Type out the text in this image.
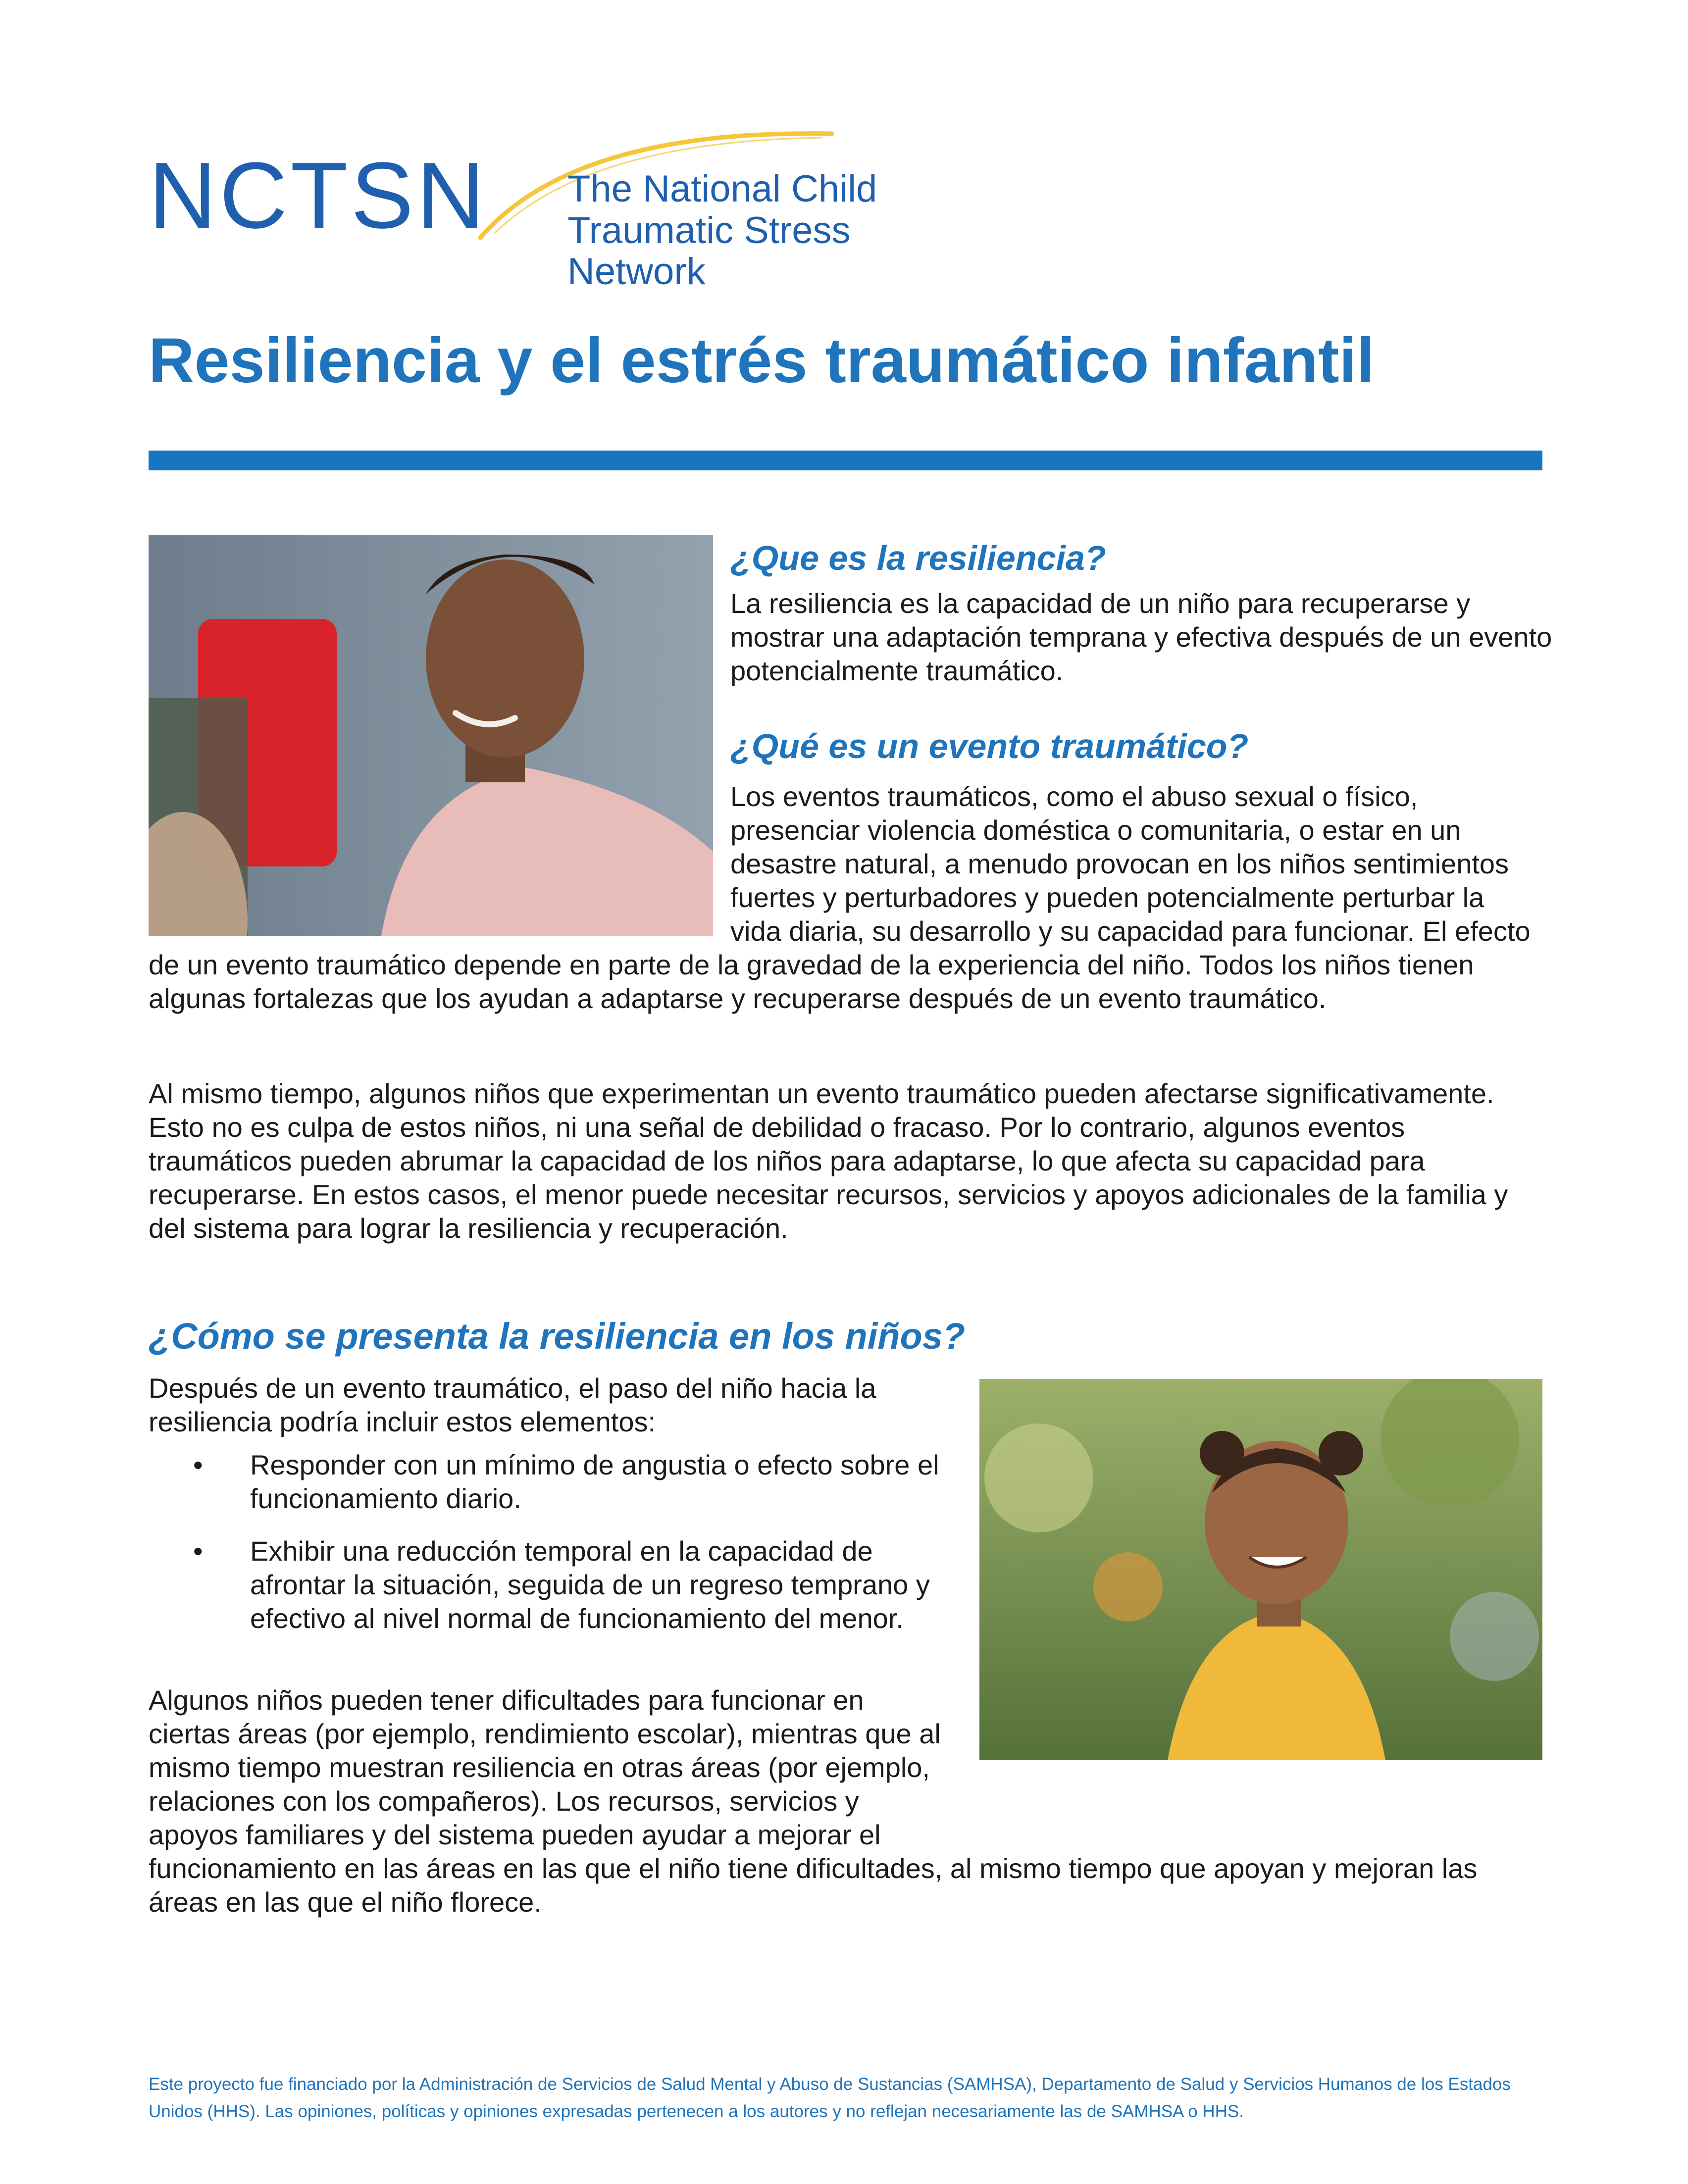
NCTSN The National Child
Traumatic Stress Network
Resiliencia y el estrés traumático infantil
¿Que es la resiliencia?

La resiliencia es la capacidad de un niño para recuperarse y mostrar una adaptación temprana y efectiva después de un evento potencialmente traumático.

¿Qué es un evento traumático?

Los eventos traumáticos, como el abuso sexual o físico, presenciar violencia doméstica o comunitaria, o estar en un desastre natural, a menudo provocan en los niños sentimientos fuertes y perturbadores y pueden potencialmente perturbar la vida diaria, su desarrollo y su capacidad para funcionar. El efecto de un evento traumático depende en parte de la gravedad de la experiencia del niño. Todos los niños tienen algunas fortalezas que los ayudan a adaptarse y recuperarse después de un evento traumático.

Al mismo tiempo, algunos niños que experimentan un evento traumático pueden afectarse significativamente. Esto no es culpa de estos niños, ni una señal de debilidad o fracaso. Por lo contrario, algunos eventos traumáticos pueden abrumar la capacidad de los niños para adaptarse, lo que afecta su capacidad para recuperarse. En estos casos, el menor puede necesitar recursos, servicios y apoyos adicionales de la familia y del sistema para lograr la resiliencia y recuperación.

¿Cómo se presenta la resiliencia en los niños?

Después de un evento traumático, el paso del niño hacia la resiliencia podría incluir estos elementos:

• Responder con un mínimo de angustia o efecto sobre el funcionamiento diario.
• Exhibir una reducción temporal en la capacidad de afrontar la situación, seguida de un regreso temprano y efectivo al nivel normal de funcionamiento del menor.

Algunos niños pueden tener dificultades para funcionar en ciertas áreas (por ejemplo, rendimiento escolar), mientras que al mismo tiempo muestran resiliencia en otras áreas (por ejemplo, relaciones con los compañeros). Los recursos, servicios y apoyos familiares y del sistema pueden ayudar a mejorar el funcionamiento en las áreas en las que el niño tiene dificultades, al mismo tiempo que apoyan y mejoran las áreas en las que el niño florece.

Este proyecto fue financiado por la Administración de Servicios de Salud Mental y Abuso de Sustancias (SAMHSA), Departamento de Salud y Servicios Humanos de los Estados Unidos (HHS). Las opiniones, políticas y opiniones expresadas pertenecen a los autores y no reflejan necesariamente las de SAMHSA o HHS.
